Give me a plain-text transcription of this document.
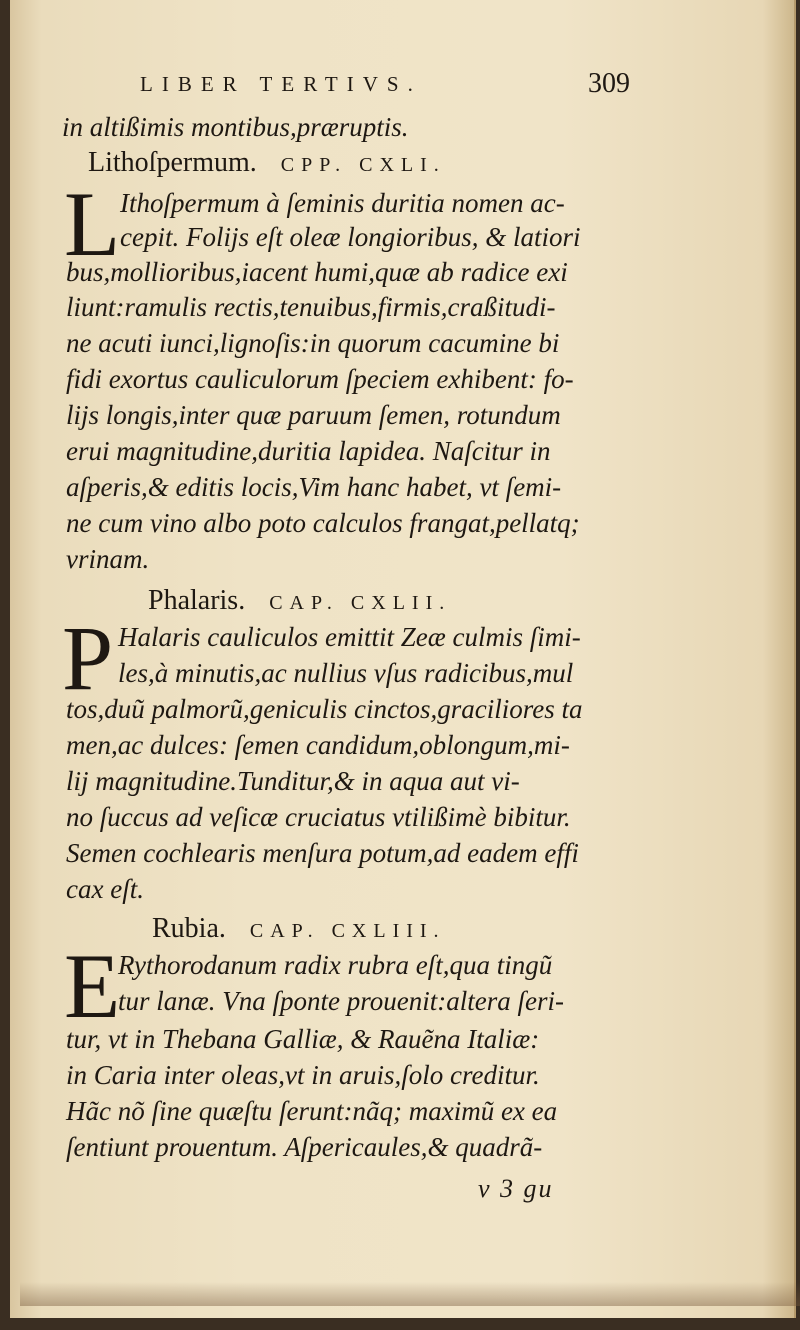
LIBER TERTIVS.	309
in altißimis montibus,præruptis.
Lithoſpermum. CPP. CXLI.
L Ithoſpermum à ſeminis duritia nomen ac-
cepit. Folijs eſt oleæ longioribus, & latiori
bus,mollioribus,iacent humi,quæ ab radice exi
liunt:ramulis rectis,tenuibus,firmis,craßitudi-
ne acuti iunci,lignoſis:in quorum cacumine bi
fidi exortus cauliculorum ſpeciem exhibent: fo-
lijs longis,inter quæ paruum ſemen, rotundum
erui magnitudine,duritia lapidea. Naſcitur in
aſperis,& editis locis,Vim hanc habet, vt ſemi-
ne cum vino albo poto calculos frangat,pellatq;
vrinam.
Phalaris. CAP. CXLII.
P Halaris cauliculos emittit Zeæ culmis ſimi-
les,à minutis,ac nullius vſus radicibus,mul
tos,duũ palmorũ,geniculis cinctos,graciliores ta
men,ac dulces: ſemen candidum,oblongum,mi-
lij magnitudine.Tunditur,& in aqua aut vi-
no ſuccus ad veſicæ cruciatus vtilißimè bibitur.
Semen cochlearis menſura potum,ad eadem effi
cax eſt.
Rubia. CAP. CXLIII.
E
Rythorodanum radix rubra eſt,qua tingũ
tur lanæ. Vna ſponte prouenit:altera ſeri-
tur, vt in Thebana Galliæ, & Rauẽna Italiæ:
in Caria inter oleas,vt in aruis,ſolo creditur.
Hãc nõ ſine quæſtu ſerunt:nãq; maximũ ex ea
ſentiunt prouentum. Aſpericaules,& quadrã-
v 3 gu
